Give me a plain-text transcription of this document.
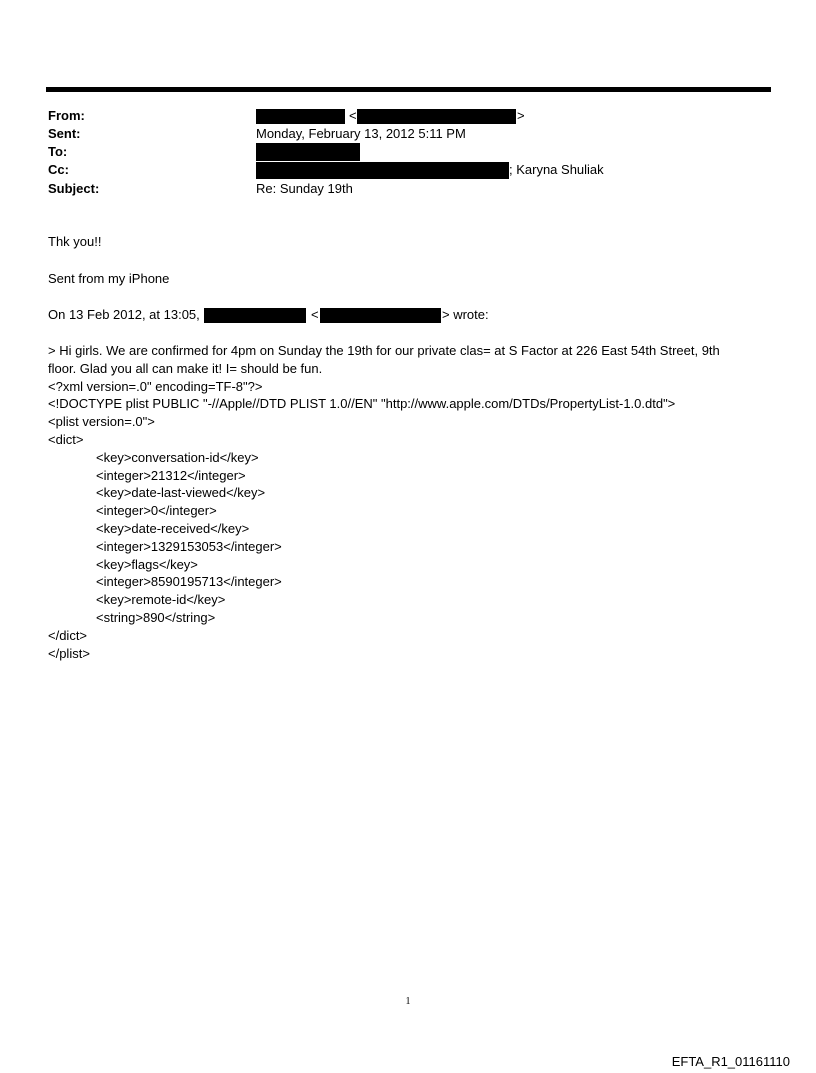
From:	<	>
Sent:	Monday, February 13, 2012 5:11 PM
To:
Cc:	; Karyna Shuliak
Subject:	Re: Sunday 19th
Thk you!!
Sent from my iPhone
On 13 Feb 2012, at 13:05,	<	> wrote:
> Hi girls. We are confirmed for 4pm on Sunday the 19th for our private clas= at S Factor at 226 East 54th Street, 9th
floor. Glad you all can make it! I= should be fun.
<?xml version=.0" encoding=TF-8"?>
<!DOCTYPE plist PUBLIC "-//Apple//DTD PLIST 1.0//EN" "http://www.apple.com/DTDs/PropertyList-1.0.dtd">
<plist version=.0">
<dict>
<key>conversation-id</key>
<integer>21312</integer>
<key>date-last-viewed</key>
<integer>0</integer>
<key>date-received</key>
<integer>1329153053</integer>
<key>flags</key>
<integer>8590195713</integer>
<key>remote-id</key>
<string>890</string>
</dict>
</plist>
1
EFTA_R1_01161110
